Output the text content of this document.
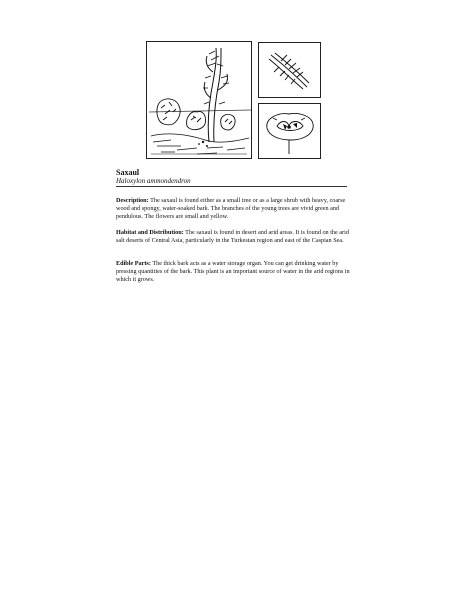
Saxaul
Haloxylon ammondendron

Description: The saxaul is found either as a small tree or as a large shrub with heavy, coarse wood and spongy, water-soaked bark. The branches of the young trees are vivid green and pendulous. The flowers are small and yellow.

Habitat and Distribution: The saxaul is found in desert and arid areas. It is found on the arid salt deserts of Central Asia, particularly in the Turkestan region and east of the Caspian Sea.

Edible Parts: The thick bark acts as a water storage organ. You can get drinking water by pressing quantities of the bark. This plant is an important source of water in the arid regions in which it grows.
